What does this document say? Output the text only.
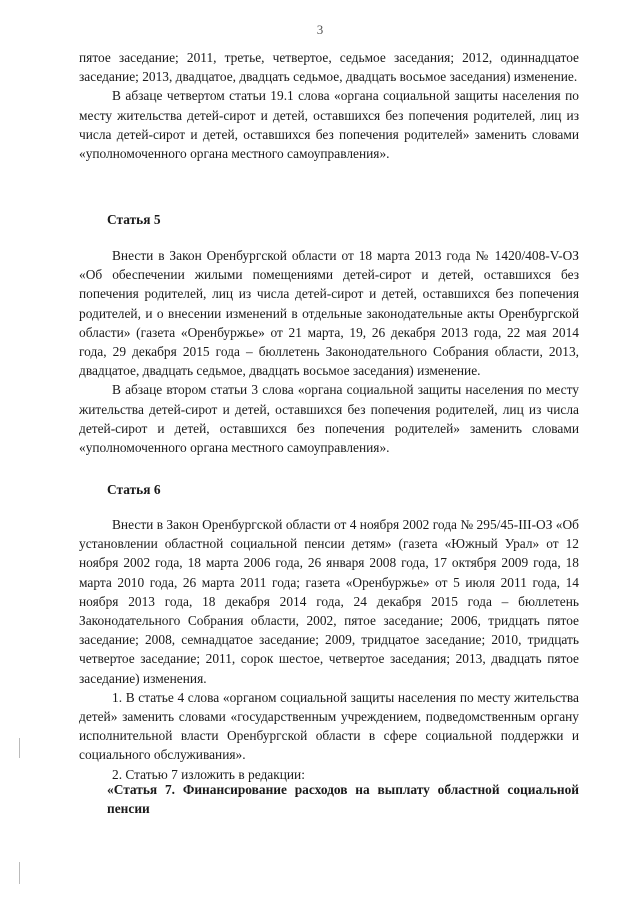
3

пятое заседание; 2011, третье, четвертое, седьмое заседания; 2012, одиннадцатое заседание; 2013, двадцатое, двадцать седьмое, двадцать восьмое заседания) изменение.

В абзаце четвертом статьи 19.1 слова «органа социальной защиты населения по месту жительства детей-сирот и детей, оставшихся без попечения родителей, лиц из числа детей-сирот и детей, оставшихся без попечения родителей» заменить словами «уполномоченного органа местного самоуправления».

Статья 5

Внести в Закон Оренбургской области от 18 марта 2013 года № 1420/408-V-ОЗ «Об обеспечении жилыми помещениями детей-сирот и детей, оставшихся без попечения родителей, лиц из числа детей-сирот и детей, оставшихся без попечения родителей, и о внесении изменений в отдельные законодательные акты Оренбургской области» (газета «Оренбуржье» от 21 марта, 19, 26 декабря 2013 года, 22 мая 2014 года, 29 декабря 2015 года – бюллетень Законодательного Собрания области, 2013, двадцатое, двадцать седьмое, двадцать восьмое заседания) изменение.

В абзаце втором статьи 3 слова «органа социальной защиты населения по месту жительства детей-сирот и детей, оставшихся без попечения родителей, лиц из числа детей-сирот и детей, оставшихся без попечения родителей» заменить словами «уполномоченного органа местного самоуправления».

Статья 6

Внести в Закон Оренбургской области от 4 ноября 2002 года № 295/45-III-ОЗ «Об установлении областной социальной пенсии детям» (газета «Южный Урал» от 12 ноября 2002 года, 18 марта 2006 года, 26 января 2008 года, 17 октября 2009 года, 18 марта 2010 года, 26 марта 2011 года; газета «Оренбуржье» от 5 июля 2011 года, 14 ноября 2013 года, 18 декабря 2014 года, 24 декабря 2015 года – бюллетень Законодательного Собрания области, 2002, пятое заседание; 2006, тридцать пятое заседание; 2008, семнадцатое заседание; 2009, тридцатое заседание; 2010, тридцать четвертое заседание; 2011, сорок шестое, четвертое заседания; 2013, двадцать пятое заседание) изменения.

1. В статье 4 слова «органом социальной защиты населения по месту жительства детей» заменить словами «государственным учреждением, подведомственным органу исполнительной власти Оренбургской области в сфере социальной поддержки и социального обслуживания».

2. Статью 7 изложить в редакции:

«Статья 7. Финансирование расходов на выплату областной социальной пенсии
